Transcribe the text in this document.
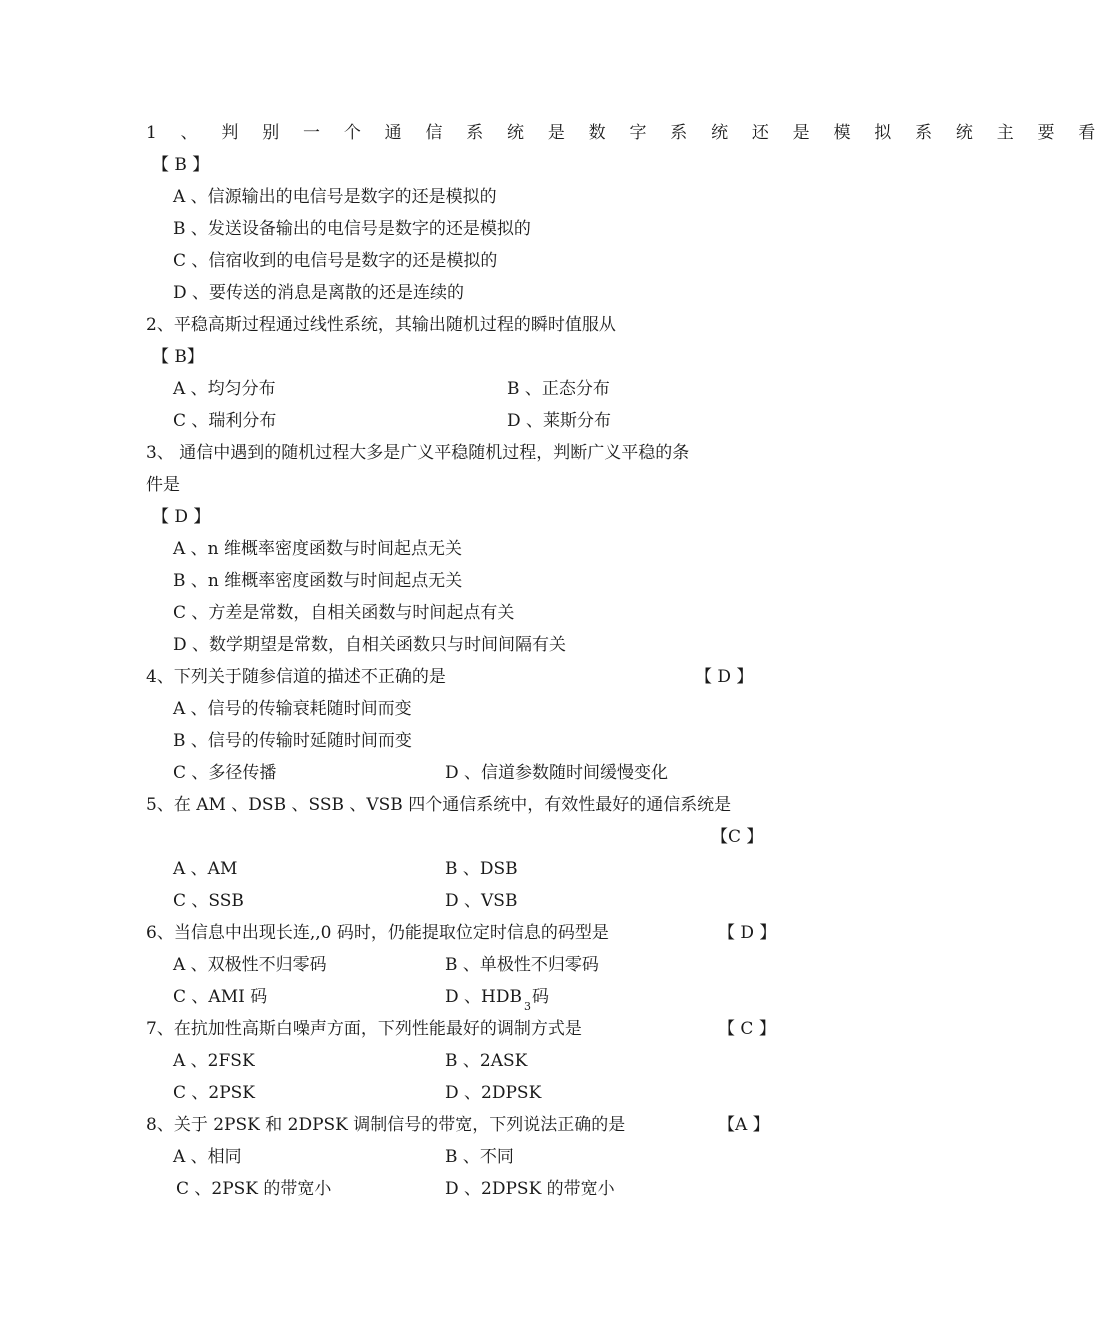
1 、 判 别 一 个 通 信 系 统 是 数 字 系 统 还 是 模 拟 系 统 主 要 看
【 B 】
A 、信源输出的电信号是数字的还是模拟的
B 、发送设备输出的电信号是数字的还是模拟的
C 、信宿收到的电信号是数字的还是模拟的
D 、要传送的消息是离散的还是连续的
2、平稳高斯过程通过线性系统，其输出随机过程的瞬时值服从
【 B】
A 、均匀分布	B 、正态分布
C 、瑞利分布	D 、莱斯分布
3、 通信中遇到的随机过程大多是广义平稳随机过程，判断广义平稳的条
件是
【 D 】
A 、n 维概率密度函数与时间起点无关
B 、n 维概率密度函数与时间起点无关
C 、方差是常数，自相关函数与时间起点有关
D 、数学期望是常数，自相关函数只与时间间隔有关
4、下列关于随参信道的描述不正确的是	【 D 】
A 、信号的传输衰耗随时间而变
B 、信号的传输时延随时间而变
C 、多径传播	D 、信道参数随时间缓慢变化
5、在 AM 、DSB 、SSB 、VSB 四个通信系统中，有效性最好的通信系统是
【C 】
A 、AM	B 、DSB
C 、SSB	D 、VSB
6、当信息中出现长连,,0 码时，仍能提取位定时信息的码型是	【 D 】
A 、双极性不归零码	B 、单极性不归零码
C 、AMI 码	D 、HDB $_3$码
7、在抗加性高斯白噪声方面，下列性能最好的调制方式是	【 C 】
A 、2FSK	B 、2ASK
C 、2PSK	D 、2DPSK
8、关于 2PSK 和 2DPSK 调制信号的带宽，下列说法正确的是	【A 】
A 、相同	B 、不同
C 、2PSK 的带宽小	D 、2DPSK 的带宽小
